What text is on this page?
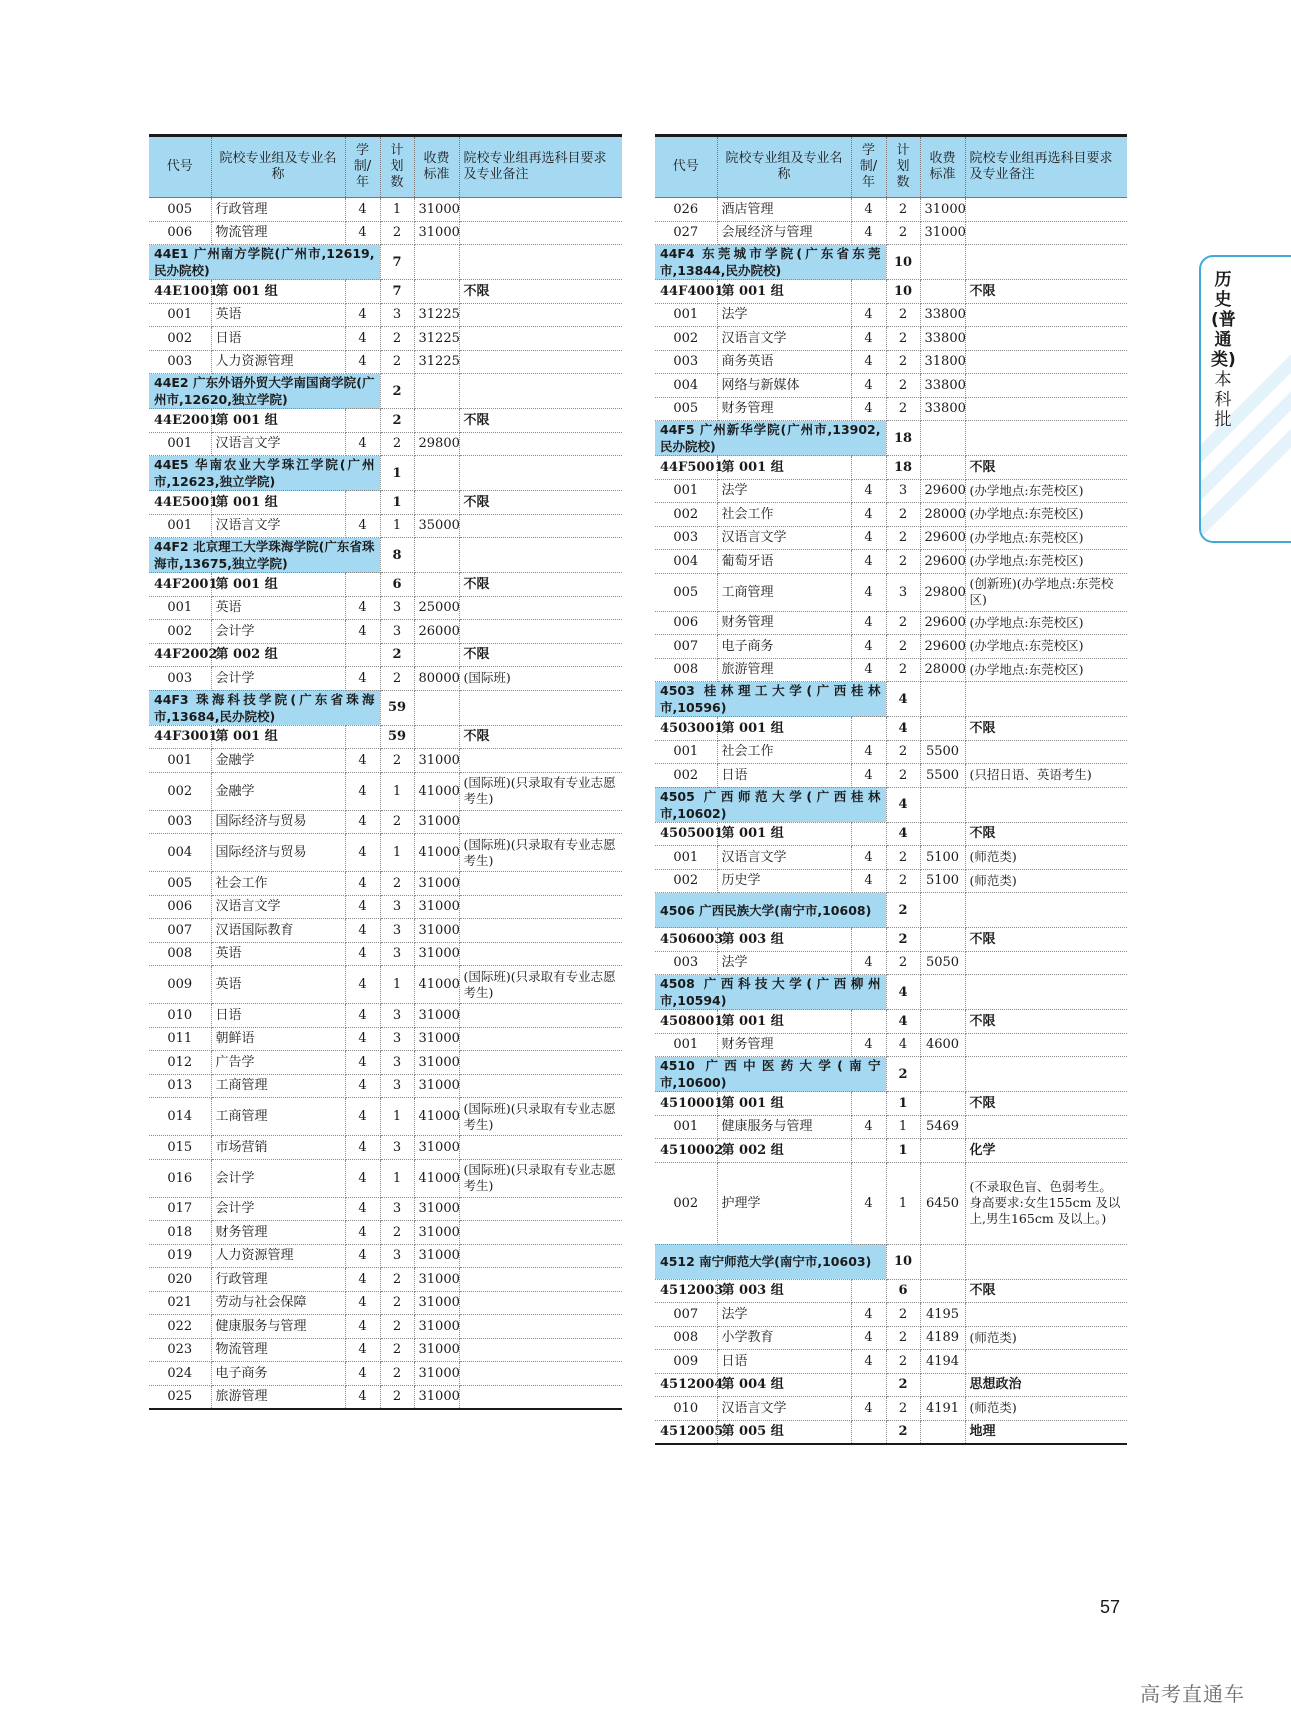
代号	院校专业组及专业名称	学制/年	计划数	收费标准	院校专业组再选科目要求及专业备注
005	行政管理	4	1	31000	
006	物流管理	4	2	31000	
44E1 广州南方学院(广州市,12619,民办院校)			7		
44E1001	第 001 组		7		不限
001	英语	4	3	31225	
002	日语	4	2	31225	
003	人力资源管理	4	2	31225	
44E2 广东外语外贸大学南国商学院(广州市,12620,独立学院)			2		
44E2001	第 001 组		2		不限
001	汉语言文学	4	2	29800	
44E5 华南农业大学珠江学院(广州市,12623,独立学院)			1		
44E5001	第 001 组		1		不限
001	汉语言文学	4	1	35000	
44F2 北京理工大学珠海学院(广东省珠海市,13675,独立学院)			8		
44F2001	第 001 组		6		不限
001	英语	4	3	25000	
002	会计学	4	3	26000	
44F2002	第 002 组		2		不限
003	会计学	4	2	80000	(国际班)
44F3 珠海科技学院(广东省珠海市,13684,民办院校)			59		
44F3001	第 001 组		59		不限
001	金融学	4	2	31000	
002	金融学	4	1	41000	(国际班)(只录取有专业志愿考生)
003	国际经济与贸易	4	2	31000	
004	国际经济与贸易	4	1	41000	(国际班)(只录取有专业志愿考生)
005	社会工作	4	2	31000	
006	汉语言文学	4	3	31000	
007	汉语国际教育	4	3	31000	
008	英语	4	3	31000	
009	英语	4	1	41000	(国际班)(只录取有专业志愿考生)
010	日语	4	3	31000	
011	朝鲜语	4	3	31000	
012	广告学	4	3	31000	
013	工商管理	4	3	31000	
014	工商管理	4	1	41000	(国际班)(只录取有专业志愿考生)
015	市场营销	4	3	31000	
016	会计学	4	1	41000	(国际班)(只录取有专业志愿考生)
017	会计学	4	3	31000	
018	财务管理	4	2	31000	
019	人力资源管理	4	3	31000	
020	行政管理	4	2	31000	
021	劳动与社会保障	4	2	31000	
022	健康服务与管理	4	2	31000	
023	物流管理	4	2	31000	
024	电子商务	4	2	31000	
025	旅游管理	4	2	31000	
代号	院校专业组及专业名称	学制/年	计划数	收费标准	院校专业组再选科目要求及专业备注
026	酒店管理	4	2	31000	
027	会展经济与管理	4	2	31000	
44F4 东莞城市学院(广东省东莞市,13844,民办院校)			10		
44F4001	第 001 组		10		不限
001	法学	4	2	33800	
002	汉语言文学	4	2	33800	
003	商务英语	4	2	31800	
004	网络与新媒体	4	2	33800	
005	财务管理	4	2	33800	
44F5 广州新华学院(广州市,13902,民办院校)			18		
44F5001	第 001 组		18		不限
001	法学	4	3	29600	(办学地点:东莞校区)
002	社会工作	4	2	28000	(办学地点:东莞校区)
003	汉语言文学	4	2	29600	(办学地点:东莞校区)
004	葡萄牙语	4	2	29600	(办学地点:东莞校区)
005	工商管理	4	3	29800	(创新班)(办学地点:东莞校区)
006	财务管理	4	2	29600	(办学地点:东莞校区)
007	电子商务	4	2	29600	(办学地点:东莞校区)
008	旅游管理	4	2	28000	(办学地点:东莞校区)
4503 桂林理工大学(广西桂林市,10596)			4		
4503001	第 001 组		4		不限
001	社会工作	4	2	5500	
002	日语	4	2	5500	(只招日语、英语考生)
4505 广西师范大学(广西桂林市,10602)			4		
4505001	第 001 组		4		不限
001	汉语言文学	4	2	5100	(师范类)
002	历史学	4	2	5100	(师范类)
4506 广西民族大学(南宁市,10608)			2		
4506003	第 003 组		2		不限
003	法学	4	2	5050	
4508 广西科技大学(广西柳州市,10594)			4		
4508001	第 001 组		4		不限
001	财务管理	4	4	4600	
4510 广西中医药大学(南宁市,10600)			2		
4510001	第 001 组		1		不限
001	健康服务与管理	4	1	5469	
4510002	第 002 组		1		化学
002	护理学	4	1	6450	(不录取色盲、色弱考生。身高要求:女生155cm 及以上,男生165cm 及以上。)
4512 南宁师范大学(南宁市,10603)			10		
4512003	第 003 组		6		不限
007	法学	4	2	4195	
008	小学教育	4	2	4189	(师范类)
009	日语	4	2	4194	
4512004	第 004 组		2		思想政治
010	汉语言文学	4	2	4191	(师范类)
4512005	第 005 组		2		地理
历史
(普通类)
本科批
57
高考直通车
